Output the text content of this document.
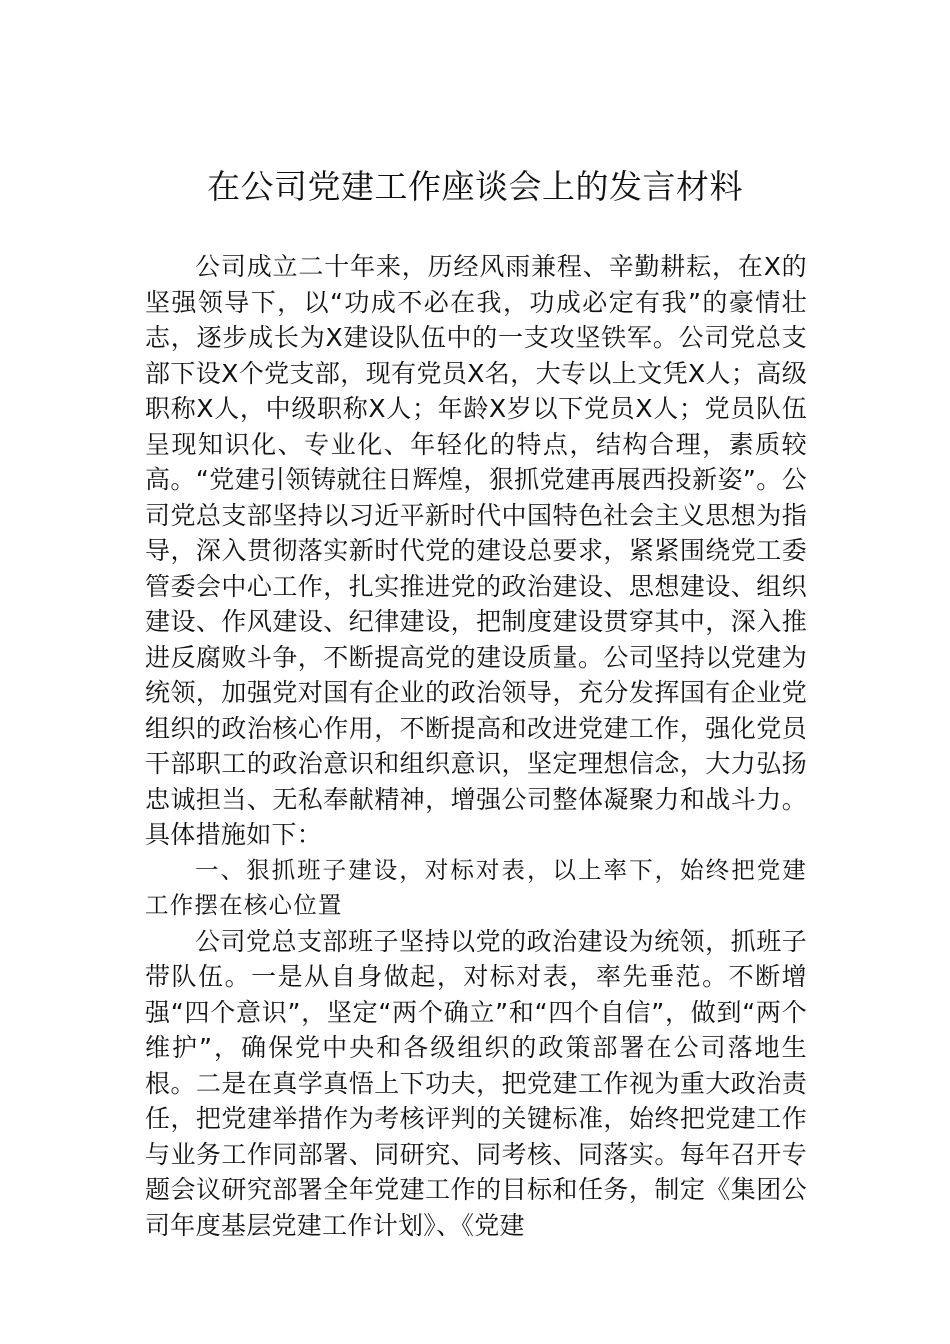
在公司党建工作座谈会上的发言材料

公司成立二十年来，历经风雨兼程、辛勤耕耘，在X的坚强领导下，以“功成不必在我，功成必定有我”的豪情壮志，逐步成长为X建设队伍中的一支攻坚铁军。公司党总支部下设X个党支部，现有党员X名，大专以上文凭X人；高级职称X人，中级职称X人；年龄X岁以下党员X人；党员队伍呈现知识化、专业化、年轻化的特点，结构合理，素质较高。“党建引领铸就往日辉煌，狠抓党建再展西投新姿”。公司党总支部坚持以习近平新时代中国特色社会主义思想为指导，深入贯彻落实新时代党的建设总要求，紧紧围绕党工委管委会中心工作，扎实推进党的政治建设、思想建设、组织建设、作风建设、纪律建设，把制度建设贯穿其中，深入推进反腐败斗争，不断提高党的建设质量。公司坚持以党建为统领，加强党对国有企业的政治领导，充分发挥国有企业党组织的政治核心作用，不断提高和改进党建工作，强化党员干部职工的政治意识和组织意识，坚定理想信念，大力弘扬忠诚担当、无私奉献精神，增强公司整体凝聚力和战斗力。具体措施如下：

一、狠抓班子建设，对标对表，以上率下，始终把党建工作摆在核心位置

公司党总支部班子坚持以党的政治建设为统领，抓班子带队伍。一是从自身做起，对标对表，率先垂范。不断增强“四个意识”，坚定“两个确立”和“四个自信”，做到“两个维护”，确保党中央和各级组织的政策部署在公司落地生根。二是在真学真悟上下功夫，把党建工作视为重大政治责任，把党建举措作为考核评判的关键标准，始终把党建工作与业务工作同部署、同研究、同考核、同落实。每年召开专题会议研究部署全年党建工作的目标和任务，制定《集团公司年度基层党建工作计划》、《党建
